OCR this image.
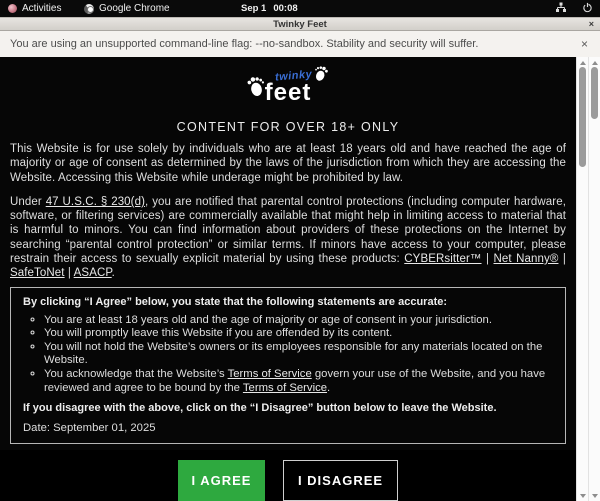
Activities	Google Chrome	Sep 1 00:08
Twinky Feet	×
You are using an unsupported command-line flag: --no-sandbox. Stability and security will suffer.	×
twinky
feet
CONTENT FOR OVER 18+ ONLY

This Website is for use solely by individuals who are at least 18 years old and have reached the age of majority or age of consent as determined by the laws of the jurisdiction from which they are accessing the Website. Accessing this Website while underage might be prohibited by law.

Under 47 U.S.C. § 230(d), you are notified that parental control protections (including computer hardware, software, or filtering services) are commercially available that might help in limiting access to material that is harmful to minors. You can find information about providers of these protections on the Internet by searching “parental control protection” or similar terms. If minors have access to your computer, please restrain their access to sexually explicit material by using these products: CYBERsitter™ | Net Nanny® | SafeToNet | ASACP.

By clicking “I Agree” below, you state that the following statements are accurate:
◦ You are at least 18 years old and the age of majority or age of consent in your jurisdiction.
◦ You will promptly leave this Website if you are offended by its content.
◦ You will not hold the Website’s owners or its employees responsible for any materials located on the Website.
◦ You acknowledge that the Website’s Terms of Service govern your use of the Website, and you have reviewed and agree to be bound by the Terms of Service.
If you disagree with the above, click on the “I Disagree” button below to leave the Website.
Date: September 01, 2025
I AGREE	I DISAGREE
